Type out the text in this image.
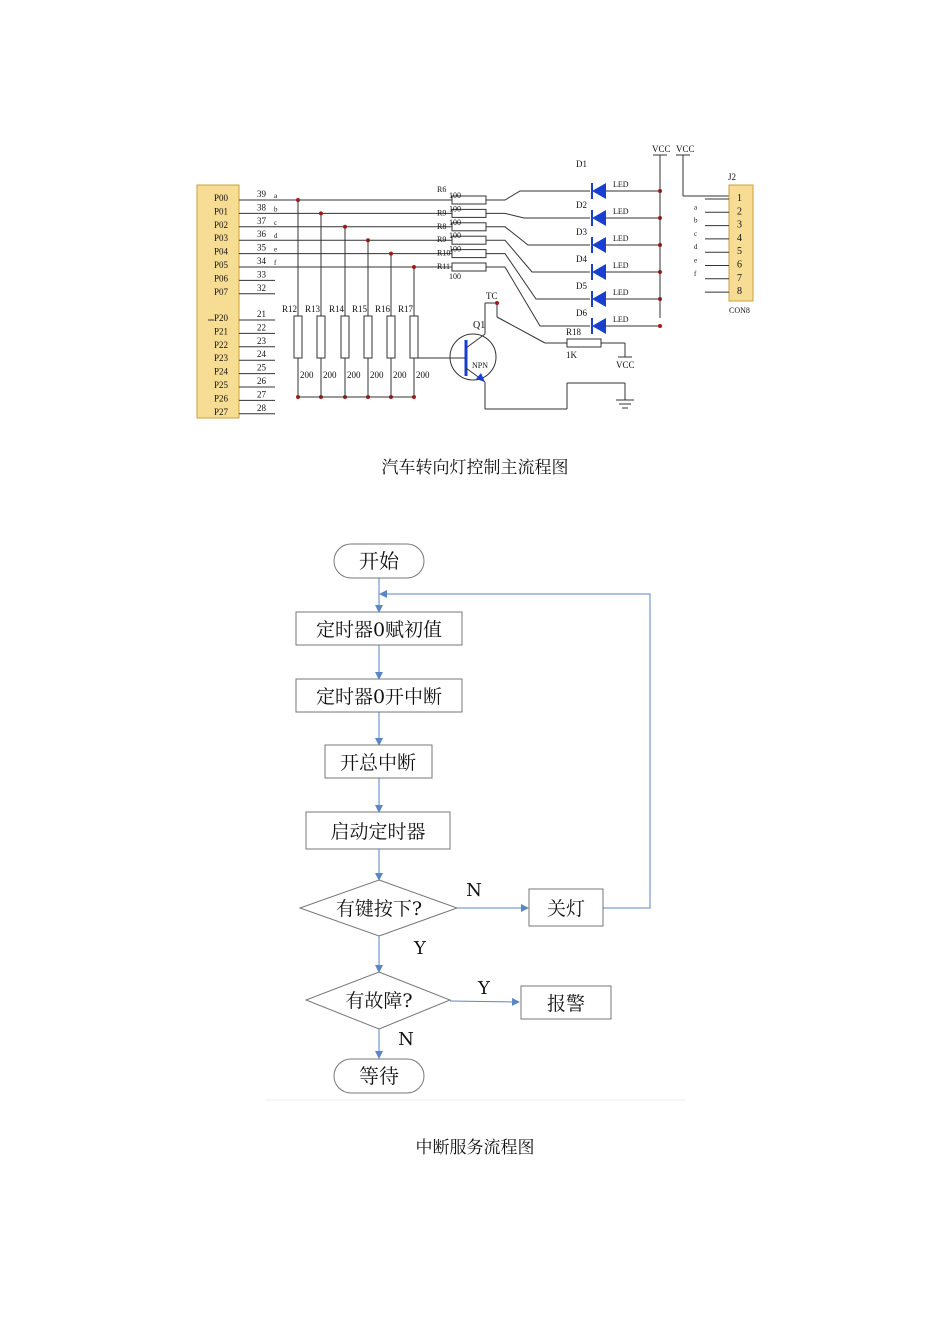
P00	39
P01	38
P02	37
P03	36
P04	35
P05	34
P06	33
P07	32
P20	21
P21	22
P22	23
P23	24
P24	25
P25	26
P26	27
P27	28
a
R6
100
b	R9 100
c	R8 100
d	R9 100
e	R10
100
f	R11
100
R12
200
R13
200
R14
200
R15
200
R16
200
R17
200
D1
LED
D2
LED
D3
LED
D4
LED
D5
LED
D6
LED
VCC VCC
J2
1
2
a
3
b
4
c
5
d
6
e
7
f
8
CON8
Q1
NPN
TC
R18
1K
VCC
汽车转向灯控制主流程图
开始
定时器0赋初值
定时器0开中断
开总中断
启动定时器
有键按下?
N
Y
关灯
有故障?
Y
N
报警
等待
中断服务流程图
